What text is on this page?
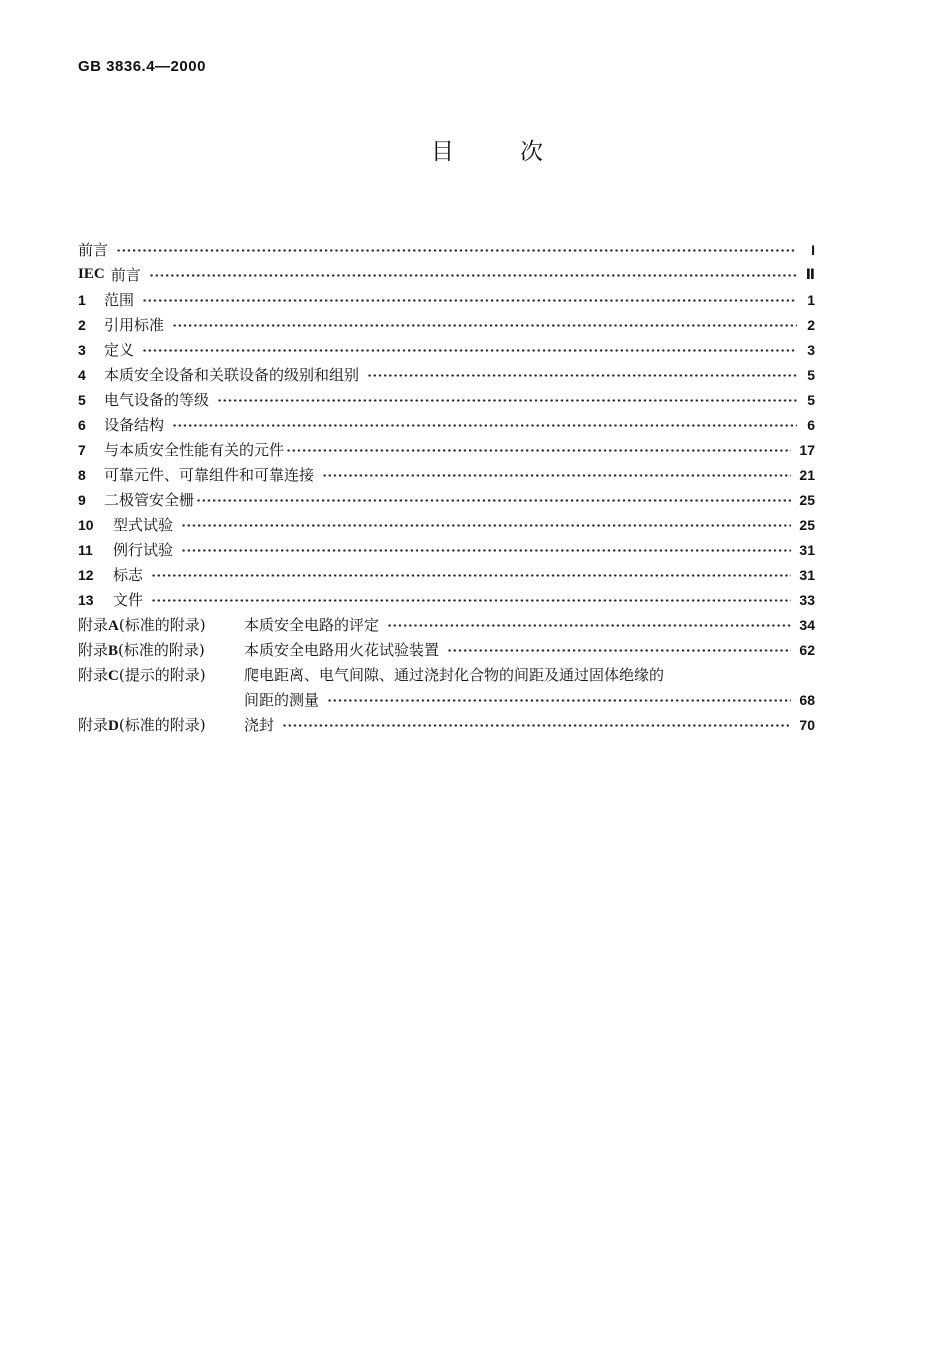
GB 3836.4—2000
目	次
前言	I
IEC 前言	Ⅱ
1	范围	1
2	引用标准	2
3	定义	3
4	本质安全设备和关联设备的级别和组别	5
5	电气设备的等级	5
6	设备结构	6
7	与本质安全性能有关的元件	17
8	可靠元件、可靠组件和可靠连接	21
9	二极管安全栅	25
10	型式试验	25
11	例行试验	31
12	标志	31
13	文件	33
附录A(标准的附录)	本质安全电路的评定	34
附录B(标准的附录)	本质安全电路用火花试验装置	62
附录C(提示的附录)	爬电距离、电气间隙、通过浇封化合物的间距及通过固体绝缘的
间距的测量	68
附录D(标准的附录)	浇封	70
